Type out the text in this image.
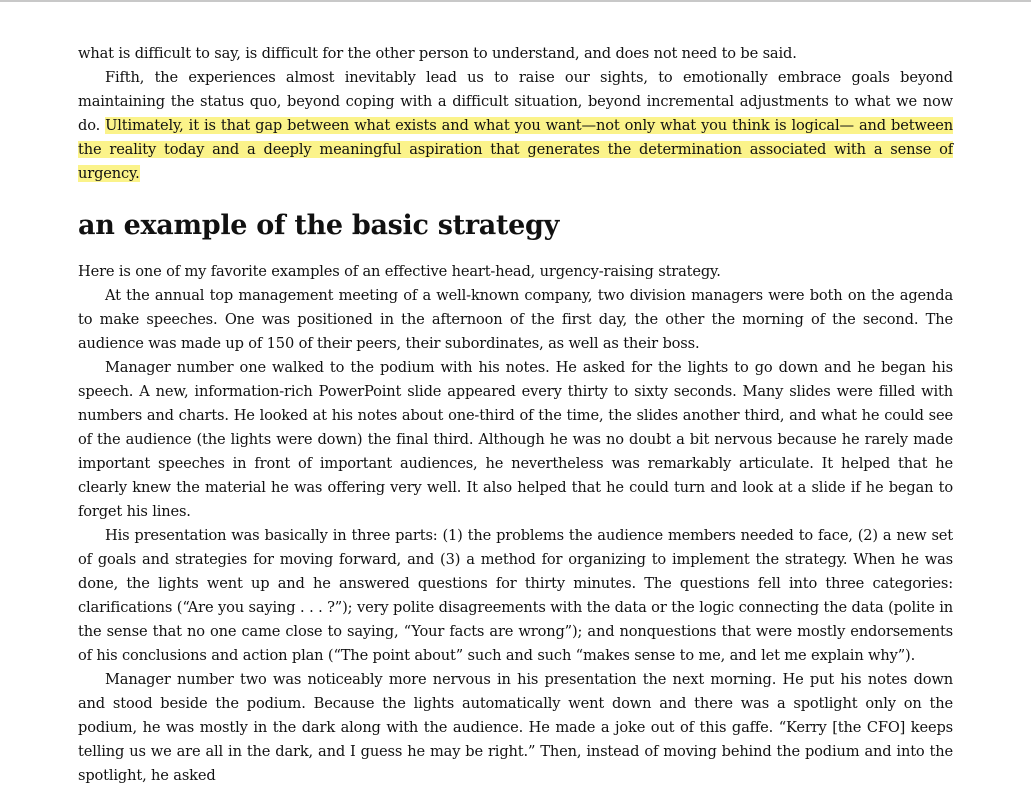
what is difficult to say, is difficult for the other person to understand, and does not need to be said.

Fifth, the experiences almost inevitably lead us to raise our sights, to emotionally embrace goals beyond maintaining the status quo, beyond coping with a difficult situation, beyond incremental adjustments to what we now do. Ultimately, it is that gap between what exists and what you want—not only what you think is logical— and between the reality today and a deeply meaningful aspiration that generates the determination associated with a sense of urgency.

an example of the basic strategy

Here is one of my favorite examples of an effective heart-head, urgency-raising strategy.

At the annual top management meeting of a well-known company, two division managers were both on the agenda to make speeches. One was positioned in the afternoon of the first day, the other the morning of the second. The audience was made up of 150 of their peers, their subordinates, as well as their boss.

Manager number one walked to the podium with his notes. He asked for the lights to go down and he began his speech. A new, information-rich PowerPoint slide appeared every thirty to sixty seconds. Many slides were filled with numbers and charts. He looked at his notes about one-third of the time, the slides another third, and what he could see of the audience (the lights were down) the final third. Although he was no doubt a bit nervous because he rarely made important speeches in front of important audiences, he nevertheless was remarkably articulate. It helped that he clearly knew the material he was offering very well. It also helped that he could turn and look at a slide if he began to forget his lines.

His presentation was basically in three parts: (1) the problems the audience members needed to face, (2) a new set of goals and strategies for moving forward, and (3) a method for organizing to implement the strategy. When he was done, the lights went up and he answered questions for thirty minutes. The questions fell into three categories: clarifications (“Are you saying . . . ?”); very polite disagreements with the data or the logic connecting the data (polite in the sense that no one came close to saying, “Your facts are wrong”); and nonquestions that were mostly endorsements of his conclusions and action plan (“The point about” such and such “makes sense to me, and let me explain why”).

Manager number two was noticeably more nervous in his presentation the next morning. He put his notes down and stood beside the podium. Because the lights automatically went down and there was a spotlight only on the podium, he was mostly in the dark along with the audience. He made a joke out of this gaffe. “Kerry [the CFO] keeps telling us we are all in the dark, and I guess he may be right.” Then, instead of moving behind the podium and into the spotlight, he asked
